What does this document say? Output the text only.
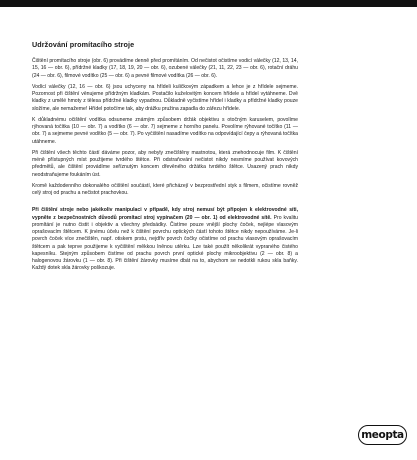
Udržování promítacího stroje

Čištění promítacího stroje (obr. 6) provádíme denně před promítáním. Od nečistot očistíme vodicí válečky (12, 13, 14, 15, 16 — obr. 6), přídržné kladky (17, 18, 19, 20 — obr. 6), ozubené válečky (21, 11, 22, 23 — obr. 6), rotační dráhu (24 — obr. 6), filmové vodítko (25 — obr. 6) a pevné filmové vodítka (26 — obr. 6).

Vodící válečky (12, 16 — obr. 6) jsou uchyceny na hřídeli kuličkovým západkem a lehce je z hřídele sejmeme. Pozornost při čištění věnujeme přídržným kladkám. Postačilo kuželovitým koncem hřídele a hřídel vytáhneme. Dvě kladky z umělé hmoty z tělesa přídržné kladky vypadnou. Důkladně vyčistíme hřídel i kladky a přídržné kladky pouze složíme, ale nemažeme! Hřídel potočíme tak, aby drážku pružina zapadla do zářezu hřídele.

K důkladnému očištění vodítka odsuneme známým způsobem držák objektivu s otočným karuselem, povolíme rýhovaná točítka (10 — obr. 7) a vodítko (6 — obr. 7) sejmeme z horního panelu. Povolíme rýhované točítko (11 — obr. 7) a sejmeme pevné vodítko (5 — obr. 7). Po vyčištění nasadíme vodítko na odpovídající čepy a rýhovaná točítka utáhneme.

Při čištění všech těchto částí dáváme pozor, aby nebyly znečištěny mastnotou, která znehodnocuje film. K čištění méně přístupných míst použijeme tvrdého štětce. Při odstraňování nečistot nikdy nesmíme používat kovových předmětů, ale čištění provádíme seříznutým koncem dřevěného držátka tvrdého štětce. Usazený prach nikdy neodstraňujeme foukáním úst.

Kromě každodenního dokonalého očištění součástí, které přicházejí v bezprostřední styk s filmem, očistíme rovněž celý stroj od prachu a nečistot prachovkou.

Při čištění stroje nebo jakékoliv manipulaci v případě, kdy stroj nemusí být připojen k elektrovodné síti, vypněte z bezpečnostních důvodů promítací stroj vypínačem (20 — obr. 1) od elektrovodné sítě. Pro kvalitu promítání je nutno čistit i objektiv a všechny předsádky. Čistíme pouze vnější plochy čoček, nejlépe vlasovým oprašovacím štětcem. K jinému účelu než k čištění povrchu optických částí tohoto štětce nikdy nepoužíváme. Je-li povrch čoček více znečištěn, např. otiskem prstu, nejdřív povrch čočky očistíme od prachu vlasovým oprašovacím štětcem a pak teprve použijeme k vyčištění měkkou lněnou utěrku. Lze také použít několikrát vypraného čistého kapesníku. Stejným způsobem čistíme od prachu povrch první optické plochy mikroobjektivu (2 — obr. 8) a halogenovou žárovku (1 — obr. 8). Při čištění žárovky musíme dbát na to, abychom se nedotkli rukou skla baňky. Každý dotek skla žárovky poškozuje.

meopta
